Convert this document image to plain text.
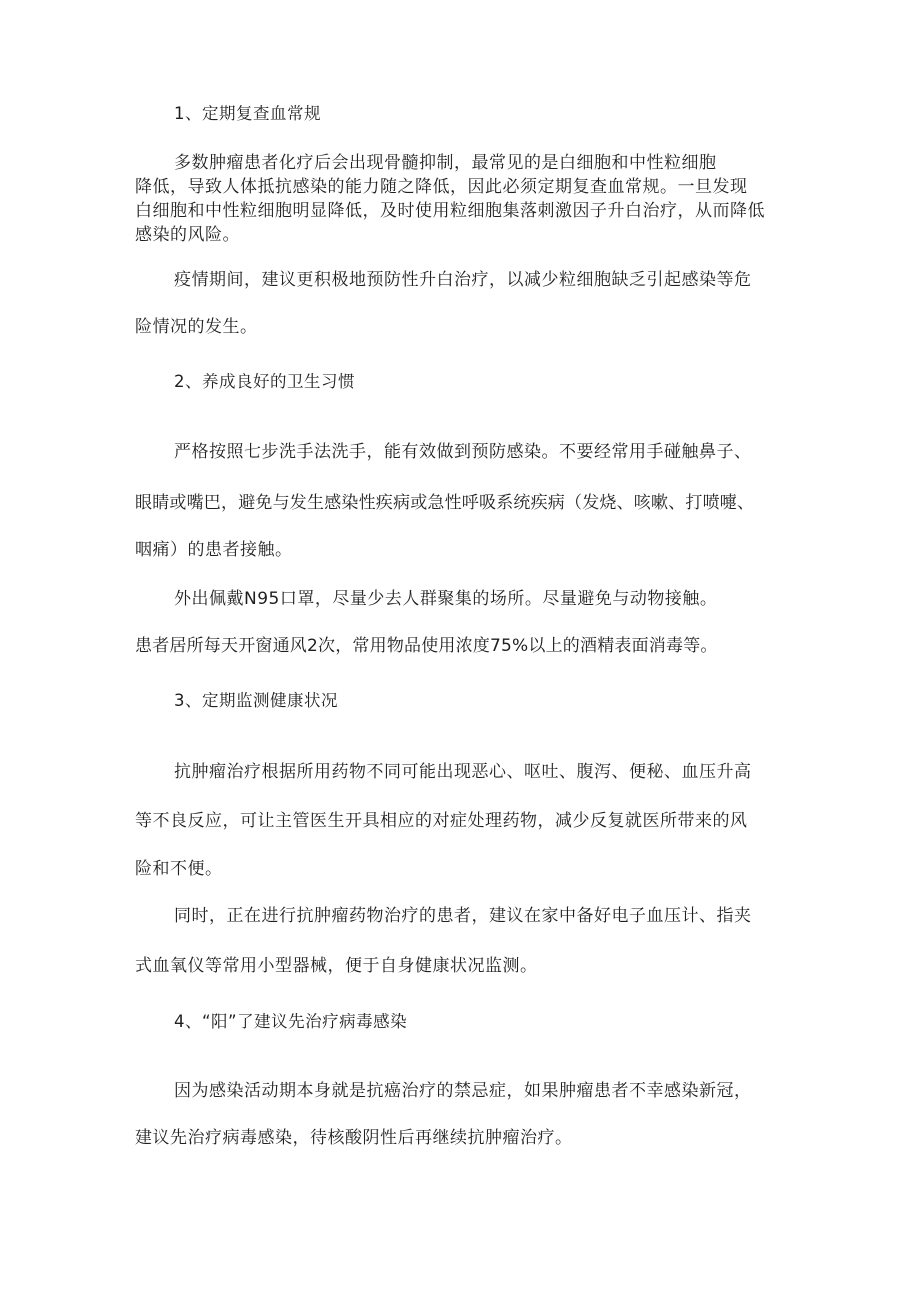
1、定期复查血常规
多数肿瘤患者化疗后会出现骨髓抑制，最常见的是白细胞和中性粒细胞
降低，导致人体抵抗感染的能力随之降低，因此必须定期复查血常规。一旦发现
白细胞和中性粒细胞明显降低，及时使用粒细胞集落刺激因子升白治疗，从而降低
感染的风险。
疫情期间，建议更积极地预防性升白治疗，以减少粒细胞缺乏引起感染等危
险情况的发生。
2、养成良好的卫生习惯
严格按照七步洗手法洗手，能有效做到预防感染。不要经常用手碰触鼻子、
眼睛或嘴巴，避免与发生感染性疾病或急性呼吸系统疾病（发烧、咳嗽、打喷嚏、
咽痛）的患者接触。
外出佩戴N95口罩，尽量少去人群聚集的场所。尽量避免与动物接触。
患者居所每天开窗通风2次，常用物品使用浓度75%以上的酒精表面消毒等。
3、定期监测健康状况
抗肿瘤治疗根据所用药物不同可能出现恶心、呕吐、腹泻、便秘、血压升高
等不良反应，可让主管医生开具相应的对症处理药物，减少反复就医所带来的风
险和不便。
同时，正在进行抗肿瘤药物治疗的患者，建议在家中备好电子血压计、指夹
式血氧仪等常用小型器械，便于自身健康状况监测。
4、“阳”了建议先治疗病毒感染
因为感染活动期本身就是抗癌治疗的禁忌症，如果肿瘤患者不幸感染新冠，
建议先治疗病毒感染，待核酸阴性后再继续抗肿瘤治疗。
